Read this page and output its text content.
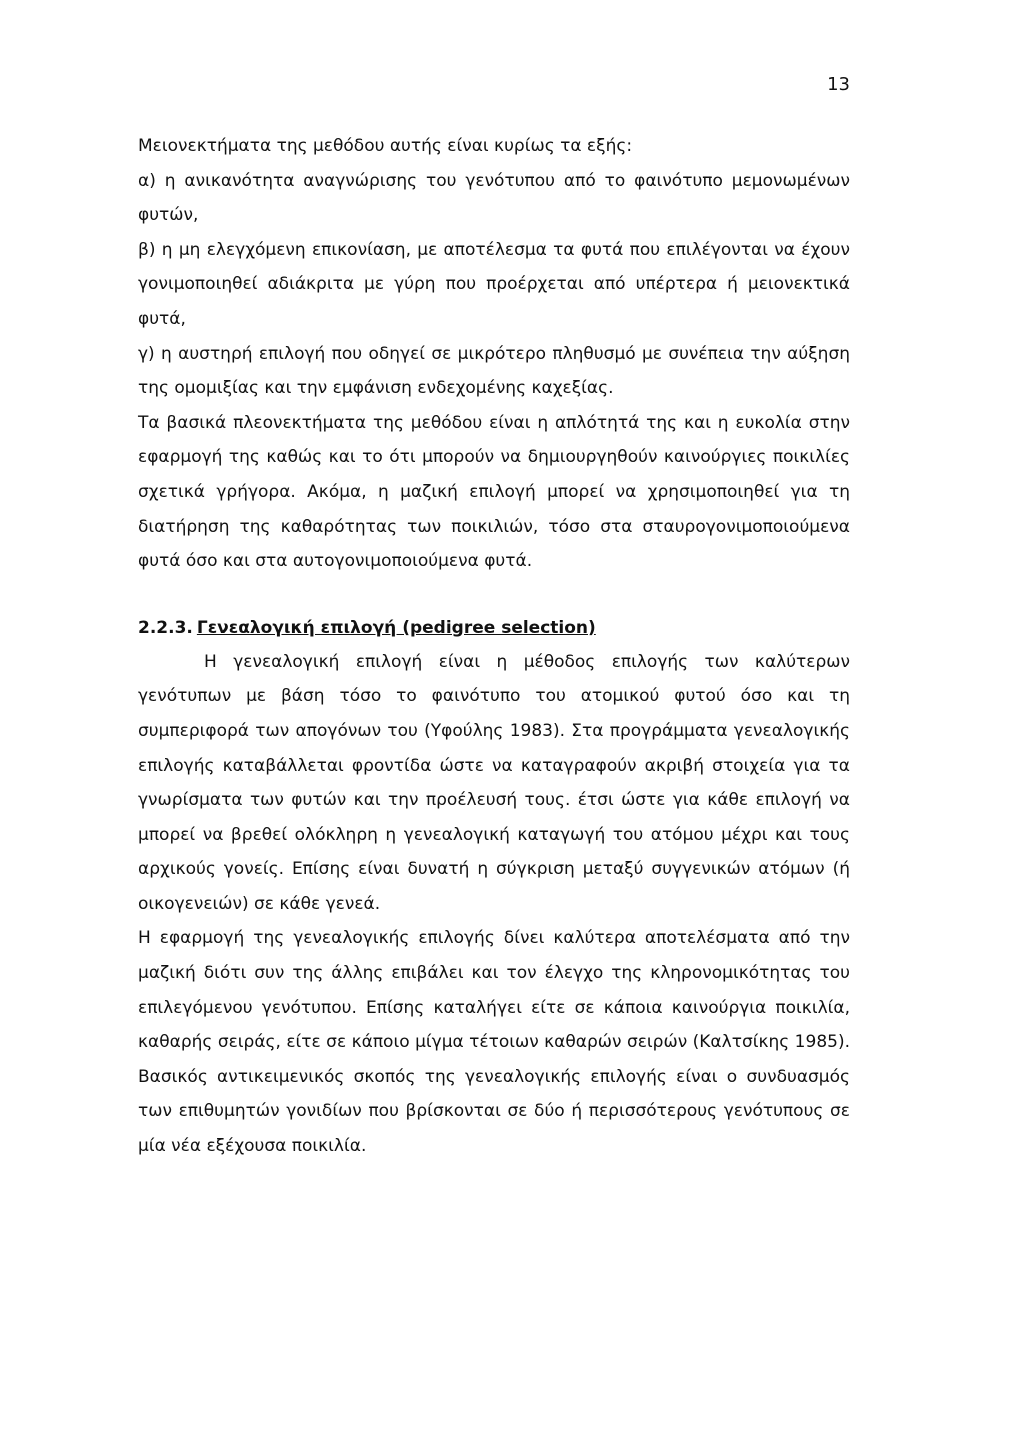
13

Μειονεκτήματα της μεθόδου αυτής είναι κυρίως τα εξής:

α) η ανικανότητα αναγνώρισης του γενότυπου από το φαινότυπο μεμονωμένων φυτών,

β) η μη ελεγχόμενη επικονίαση, με αποτέλεσμα τα φυτά που επιλέγονται να έχουν γονιμοποιηθεί αδιάκριτα με γύρη που προέρχεται από υπέρτερα ή μειονεκτικά φυτά,

γ) η αυστηρή επιλογή που οδηγεί σε μικρότερο πληθυσμό με συνέπεια την αύξηση της ομομιξίας και την εμφάνιση ενδεχομένης καχεξίας.

Τα βασικά πλεονεκτήματα της μεθόδου είναι η απλότητά της και η ευκολία στην εφαρμογή της καθώς και το ότι μπορούν να δημιουργηθούν καινούργιες ποικιλίες σχετικά γρήγορα. Ακόμα, η μαζική επιλογή μπορεί να χρησιμοποιηθεί για τη διατήρηση της καθαρότητας των ποικιλιών, τόσο στα σταυρογονιμοποιούμενα φυτά όσο και στα αυτογονιμοποιούμενα φυτά.

2.2.3. Γενεαλογική επιλογή (pedigree selection)

Η γενεαλογική επιλογή είναι η μέθοδος επιλογής των καλύτερων γενότυπων με βάση τόσο το φαινότυπο του ατομικού φυτού όσο και τη συμπεριφορά των απογόνων του (Υφούλης 1983). Στα προγράμματα γενεαλογικής επιλογής καταβάλλεται φροντίδα ώστε να καταγραφούν ακριβή στοιχεία για τα γνωρίσματα των φυτών και την προέλευσή τους. έτσι ώστε για κάθε επιλογή να μπορεί να βρεθεί ολόκληρη η γενεαλογική καταγωγή του ατόμου μέχρι και τους αρχικούς γονείς. Επίσης είναι δυνατή η σύγκριση μεταξύ συγγενικών ατόμων (ή οικογενειών) σε κάθε γενεά.

Η εφαρμογή της γενεαλογικής επιλογής δίνει καλύτερα αποτελέσματα από την μαζική διότι συν της άλλης επιβάλει και τον έλεγχο της κληρονομικότητας του επιλεγόμενου γενότυπου. Επίσης καταλήγει είτε σε κάποια καινούργια ποικιλία, καθαρής σειράς, είτε σε κάποιο μίγμα τέτοιων καθαρών σειρών (Καλτσίκης 1985). Βασικός αντικειμενικός σκοπός της γενεαλογικής επιλογής είναι ο συνδυασμός των επιθυμητών γονιδίων που βρίσκονται σε δύο ή περισσότερους γενότυπους σε μία νέα εξέχουσα ποικιλία.
